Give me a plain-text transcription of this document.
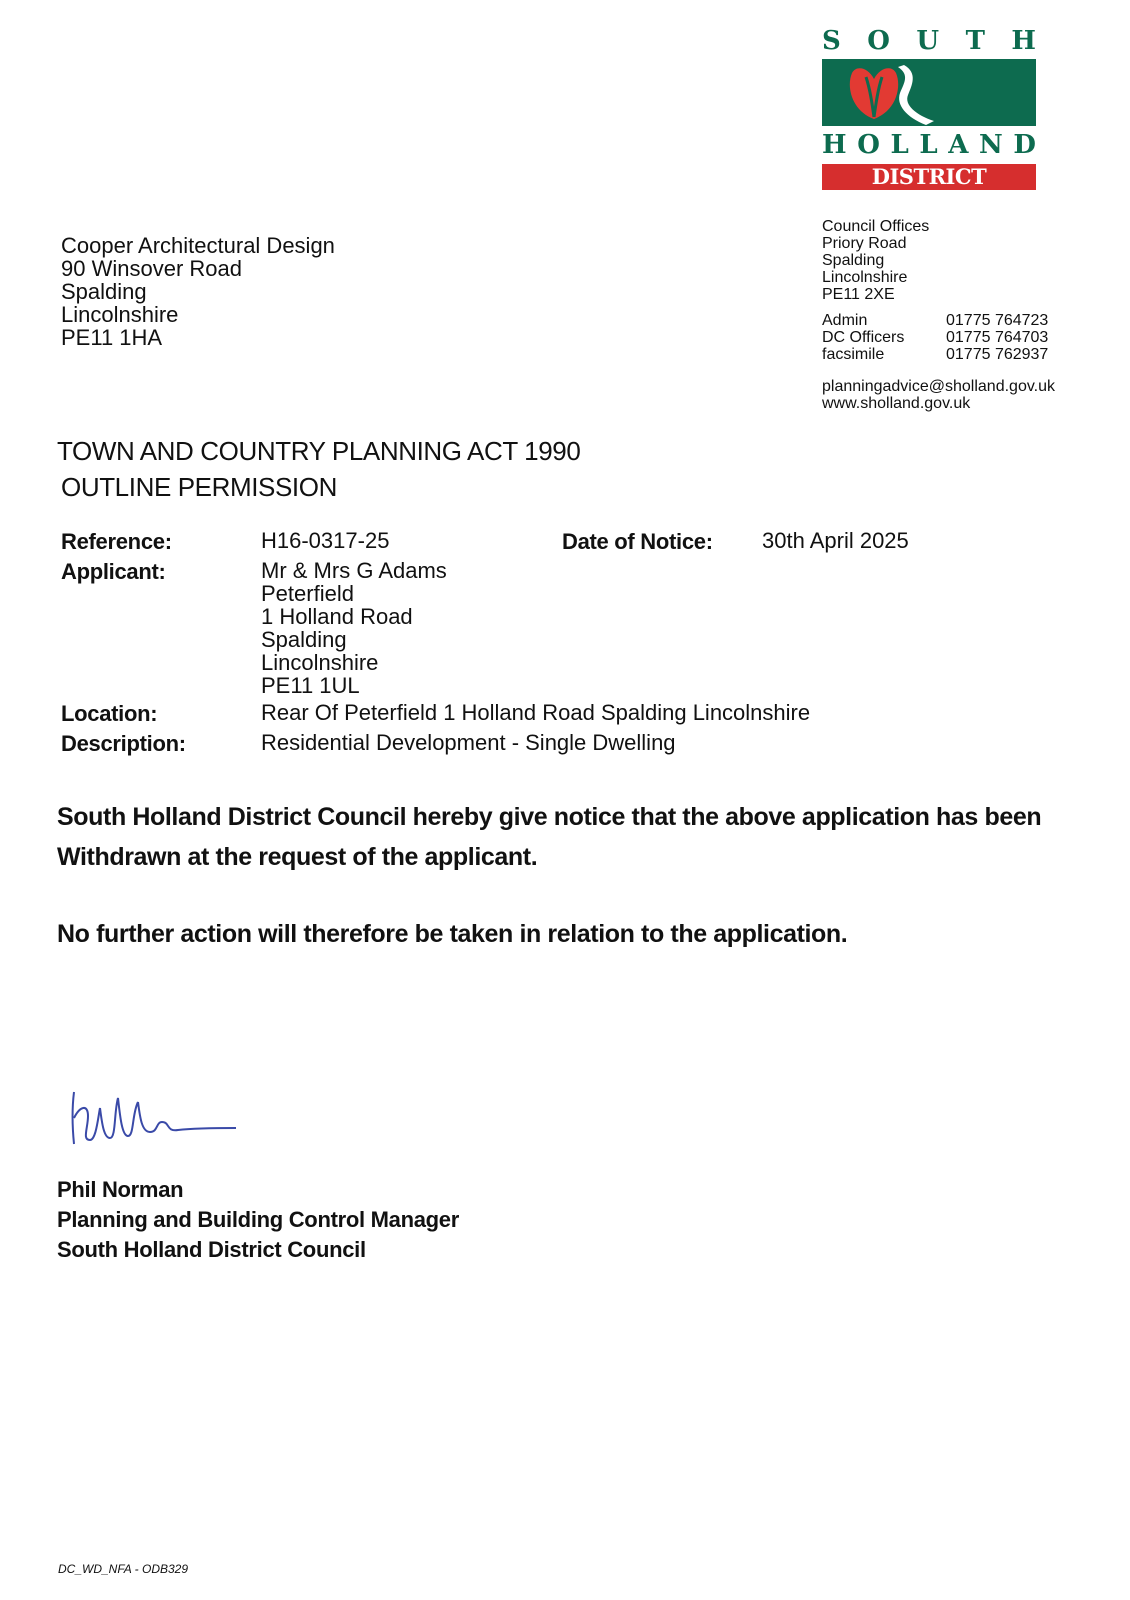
S O U T H
H O L L A N D
DISTRICT COUNCIL
Cooper Architectural Design
90 Winsover Road
Spalding
Lincolnshire
PE11 1HA
Council Offices
Priory Road
Spalding
Lincolnshire
PE11 2XE
Admin	01775 764723
DC Officers	01775 764703
facsimile	01775 762937
planningadvice@sholland.gov.uk
www.sholland.gov.uk
TOWN AND COUNTRY PLANNING ACT 1990
OUTLINE PERMISSION
Reference:	H16-0317-25	Date of Notice: 30th April 2025
Applicant:	Mr & Mrs G Adams
Peterfield
1 Holland Road
Spalding
Lincolnshire
PE11 1UL
Location:	Rear Of Peterfield 1 Holland Road Spalding Lincolnshire
Description:	Residential Development - Single Dwelling
South Holland District Council hereby give notice that the above application has been Withdrawn at the request of the applicant.
No further action will therefore be taken in relation to the application.
Phil Norman
Planning and Building Control Manager
South Holland District Council
DC_WD_NFA - ODB329
